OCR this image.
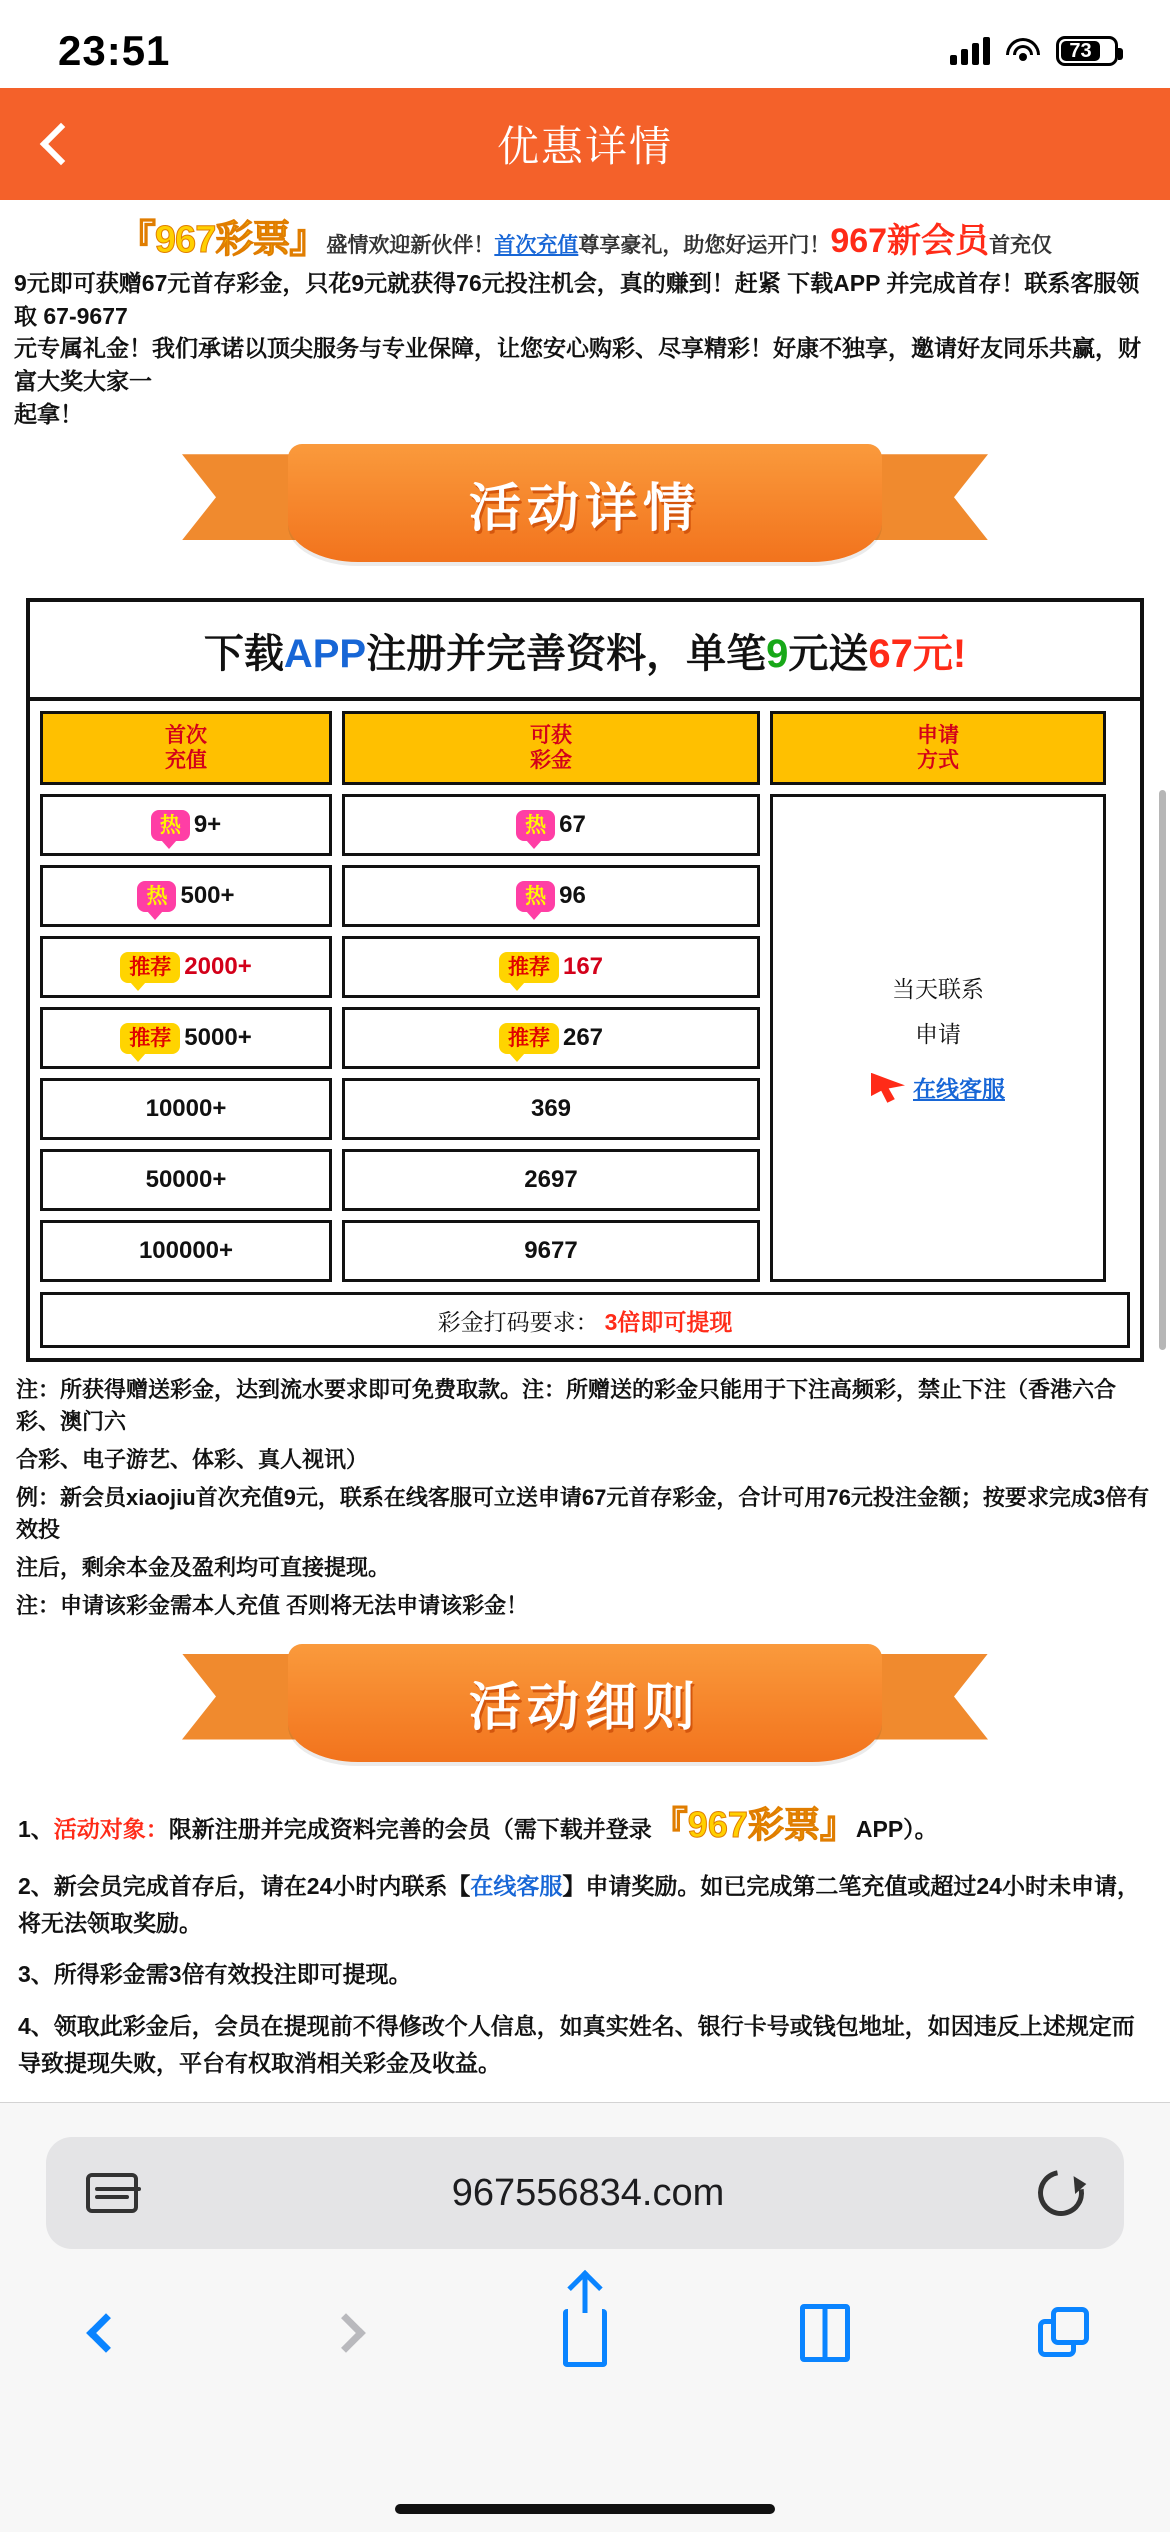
23:51	73
优惠详情
『967彩票』 盛情欢迎新伙伴！ 首次充值 尊享豪礼，助您好运开门！ 967新会员 首充仅
9元即可获赠67元首存彩金，只花9元就获得76元投注机会，真的赚到！赶紧 下载APP 并完成首存！联系客服领取 67-9677
元专属礼金！我们承诺以顶尖服务与专业保障，让您安心购彩、尽享精彩！好康不独享，邀请好友同乐共赢，财富大奖大家一
起拿！
活动详情
下载APP注册并完善资料，单笔9元送67元!
首次
充值
热 9+
热 500+
推荐 2000+
推荐 5000+
10000+
50000+
100000+
可获
彩金
热 67
热 96
推荐 167
推荐 267
369
2697
9677
申请
方式
当天联系
申请
在线客服
彩金打码要求： 3倍即可提现

注：所获得赠送彩金，达到流水要求即可免费取款。注：所赠送的彩金只能用于下注高频彩，禁止下注（香港六合彩、澳门六

合彩、电子游艺、体彩、真人视讯）

例：新会员xiaojiu首次充值9元，联系在线客服可立送申请67元首存彩金，合计可用76元投注金额；按要求完成3倍有效投

注后，剩余本金及盈利均可直接提现。

注：申请该彩金需本人充值 否则将无法申请该彩金！

活动细则

1、活动对象：限新注册并完成资料完善的会员（需下载并登录『967彩票』APP）。

2、新会员完成首存后，请在24小时内联系【在线客服】申请奖励。如已完成第二笔充值或超过24小时未申请，将无法领取奖励。

3、所得彩金需3倍有效投注即可提现。

4、领取此彩金后，会员在提现前不得修改个人信息，如真实姓名、银行卡号或钱包地址，如因违反上述规定而导致提现失败，平台有权取消相关彩金及收益。

967556834.com
